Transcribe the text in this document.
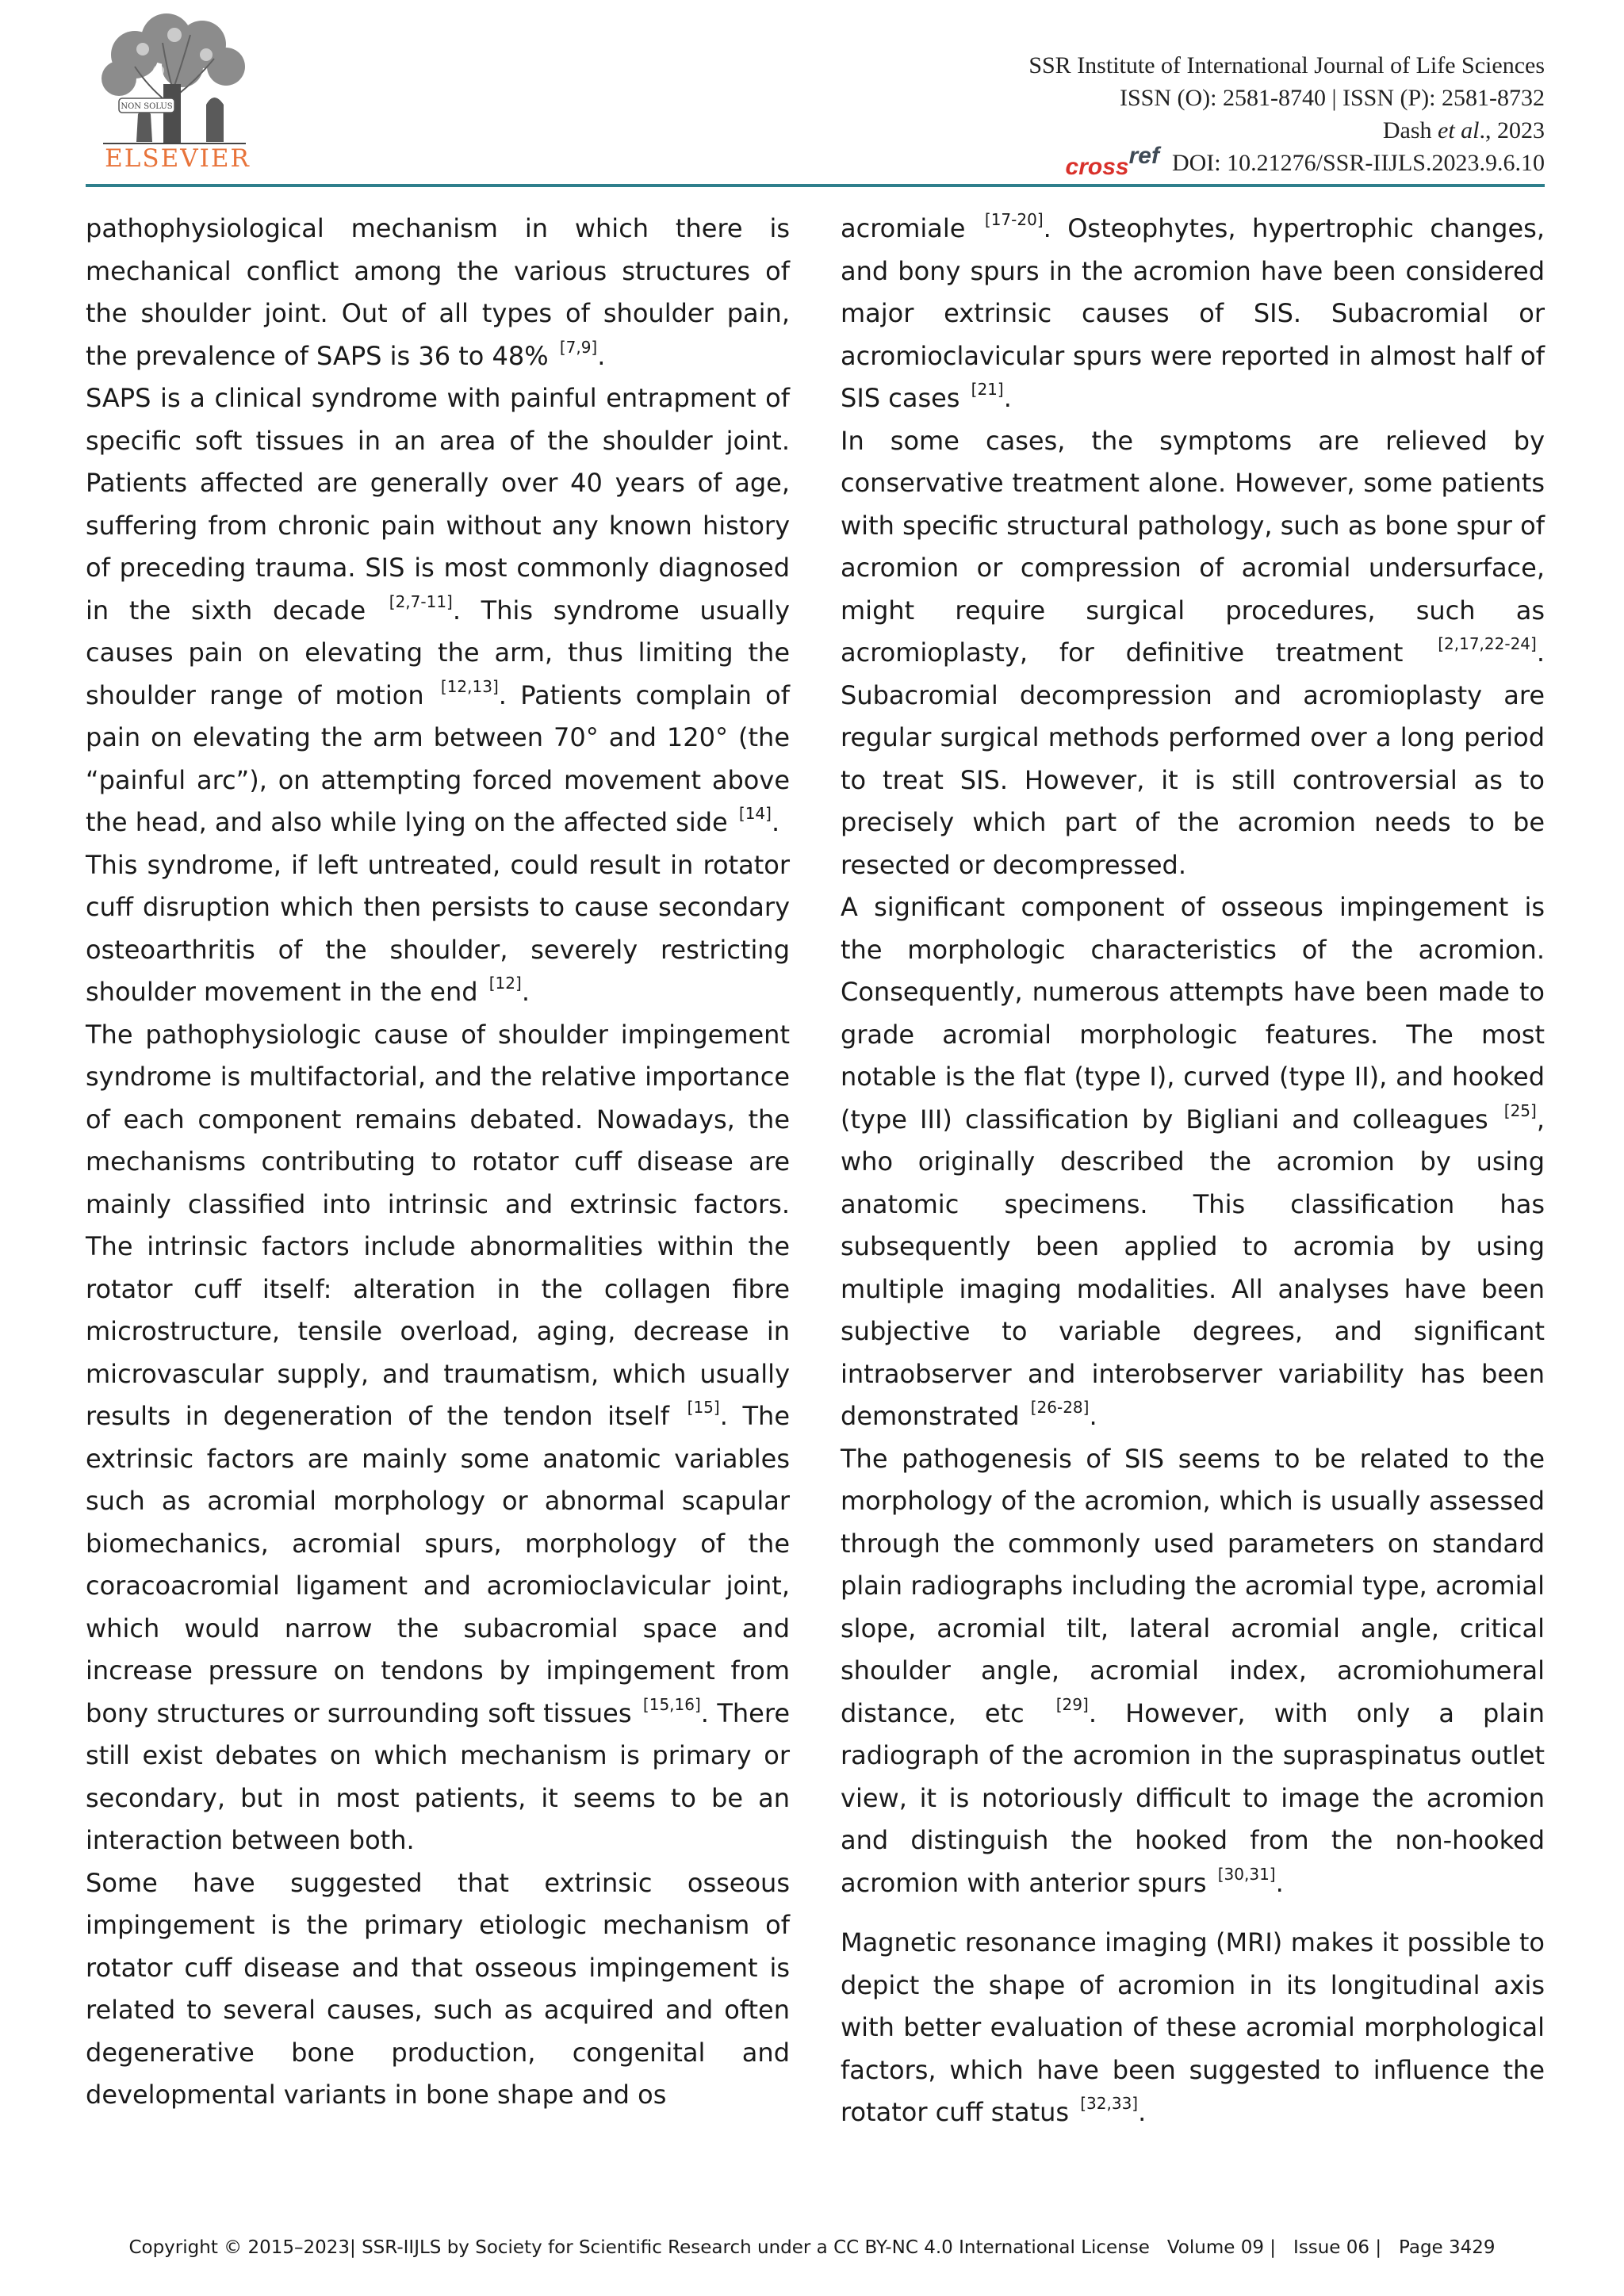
NON SOLUS
ELSEVIER
SSR Institute of International Journal of Life Sciences
ISSN (O): 2581-8740 | ISSN (P): 2581-8732
Dash et al., 2023
cross ref DOI: 10.21276/SSR-IIJLS.2023.9.6.10

pathophysiological mechanism in which there is mechanical conflict among the various structures of the shoulder joint. Out of all types of shoulder pain, the prevalence of SAPS is 36 to 48% [7,9].

SAPS is a clinical syndrome with painful entrapment of specific soft tissues in an area of the shoulder joint. Patients affected are generally over 40 years of age, suffering from chronic pain without any known history of preceding trauma. SIS is most commonly diagnosed in the sixth decade [2,7-11]. This syndrome usually causes pain on elevating the arm, thus limiting the shoulder range of motion [12,13]. Patients complain of pain on elevating the arm between 70° and 120° (the “painful arc”), on attempting forced movement above the head, and also while lying on the affected side [14].

This syndrome, if left untreated, could result in rotator cuff disruption which then persists to cause secondary osteoarthritis of the shoulder, severely restricting shoulder movement in the end [12].

The pathophysiologic cause of shoulder impingement syndrome is multifactorial, and the relative importance of each component remains debated. Nowadays, the mechanisms contributing to rotator cuff disease are mainly classified into intrinsic and extrinsic factors. The intrinsic factors include abnormalities within the rotator cuff itself: alteration in the collagen fibre microstructure, tensile overload, aging, decrease in microvascular supply, and traumatism, which usually results in degeneration of the tendon itself [15]. The extrinsic factors are mainly some anatomic variables such as acromial morphology or abnormal scapular biomechanics, acromial spurs, morphology of the coracoacromial ligament and acromioclavicular joint, which would narrow the subacromial space and increase pressure on tendons by impingement from bony structures or surrounding soft tissues [15,16]. There still exist debates on which mechanism is primary or secondary, but in most patients, it seems to be an interaction between both.

Some have suggested that extrinsic osseous impingement is the primary etiologic mechanism of rotator cuff disease and that osseous impingement is related to several causes, such as acquired and often degenerative bone production, congenital and developmental variants in bone shape and os

acromiale [17-20]. Osteophytes, hypertrophic changes, and bony spurs in the acromion have been considered major extrinsic causes of SIS. Subacromial or acromioclavicular spurs were reported in almost half of SIS cases [21].

In some cases, the symptoms are relieved by conservative treatment alone. However, some patients with specific structural pathology, such as bone spur of acromion or compression of acromial undersurface, might require surgical procedures, such as acromioplasty, for definitive treatment [2,17,22-24]. Subacromial decompression and acromioplasty are regular surgical methods performed over a long period to treat SIS. However, it is still controversial as to precisely which part of the acromion needs to be resected or decompressed.

A significant component of osseous impingement is the morphologic characteristics of the acromion. Consequently, numerous attempts have been made to grade acromial morphologic features. The most notable is the flat (type I), curved (type II), and hooked (type III) classification by Bigliani and colleagues [25], who originally described the acromion by using anatomic specimens. This classification has subsequently been applied to acromia by using multiple imaging modalities. All analyses have been subjective to variable degrees, and significant intraobserver and interobserver variability has been demonstrated [26-28].

The pathogenesis of SIS seems to be related to the morphology of the acromion, which is usually assessed through the commonly used parameters on standard plain radiographs including the acromial type, acromial slope, acromial tilt, lateral acromial angle, critical shoulder angle, acromial index, acromiohumeral distance, etc [29]. However, with only a plain radiograph of the acromion in the supraspinatus outlet view, it is notoriously difficult to image the acromion and distinguish the hooked from the non-hooked acromion with anterior spurs [30,31].

Magnetic resonance imaging (MRI) makes it possible to depict the shape of acromion in its longitudinal axis with better evaluation of these acromial morphological factors, which have been suggested to influence the rotator cuff status [32,33].

Copyright © 2015–2023| SSR-IIJLS by Society for Scientific Research under a CC BY-NC 4.0 International License   Volume 09 |   Issue 06 |   Page 3429
